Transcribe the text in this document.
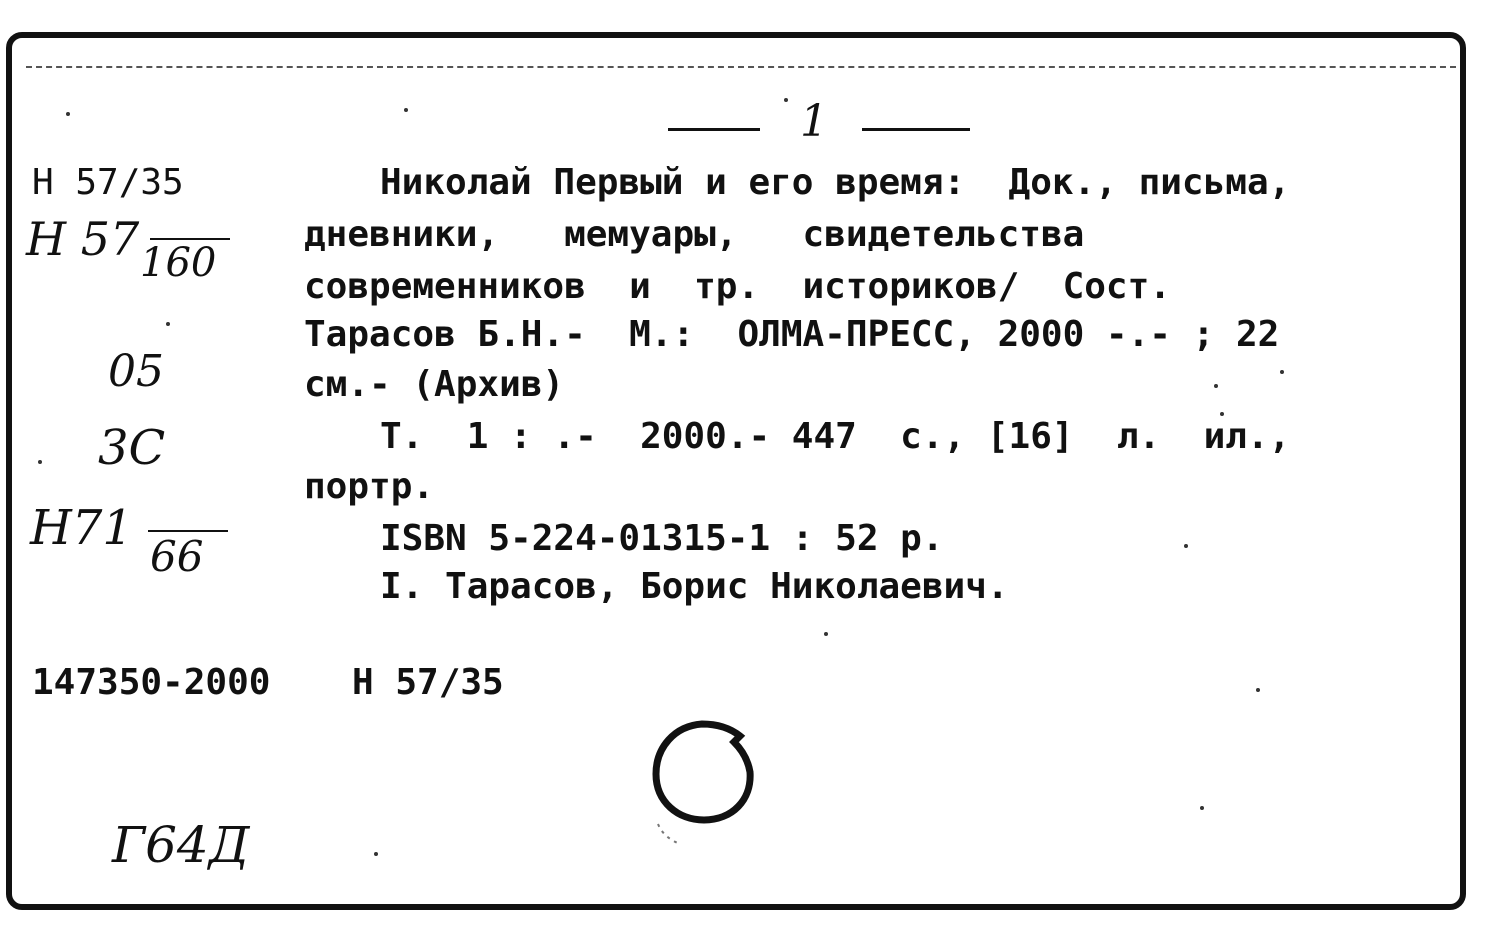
1
Н 57/35
Н 57 160
05
3С
Н71
66
Г64Д
Николай Первый и его время:  Док., письма,
дневники,   мемуары,   свидетельства
современников  и  тр.  историков/  Сост.
Тарасов Б.Н.-  М.:  ОЛМА-ПРЕСС, 2000 -.- ; 22
см.- (Архив)
Т.  1 : .-  2000.- 447  с., [16]  л.  ил.,
портр.
ISBN 5-224-01315-1 : 52 р.
I. Тарасов, Борис Николаевич.
147350-2000 Н 57/35
